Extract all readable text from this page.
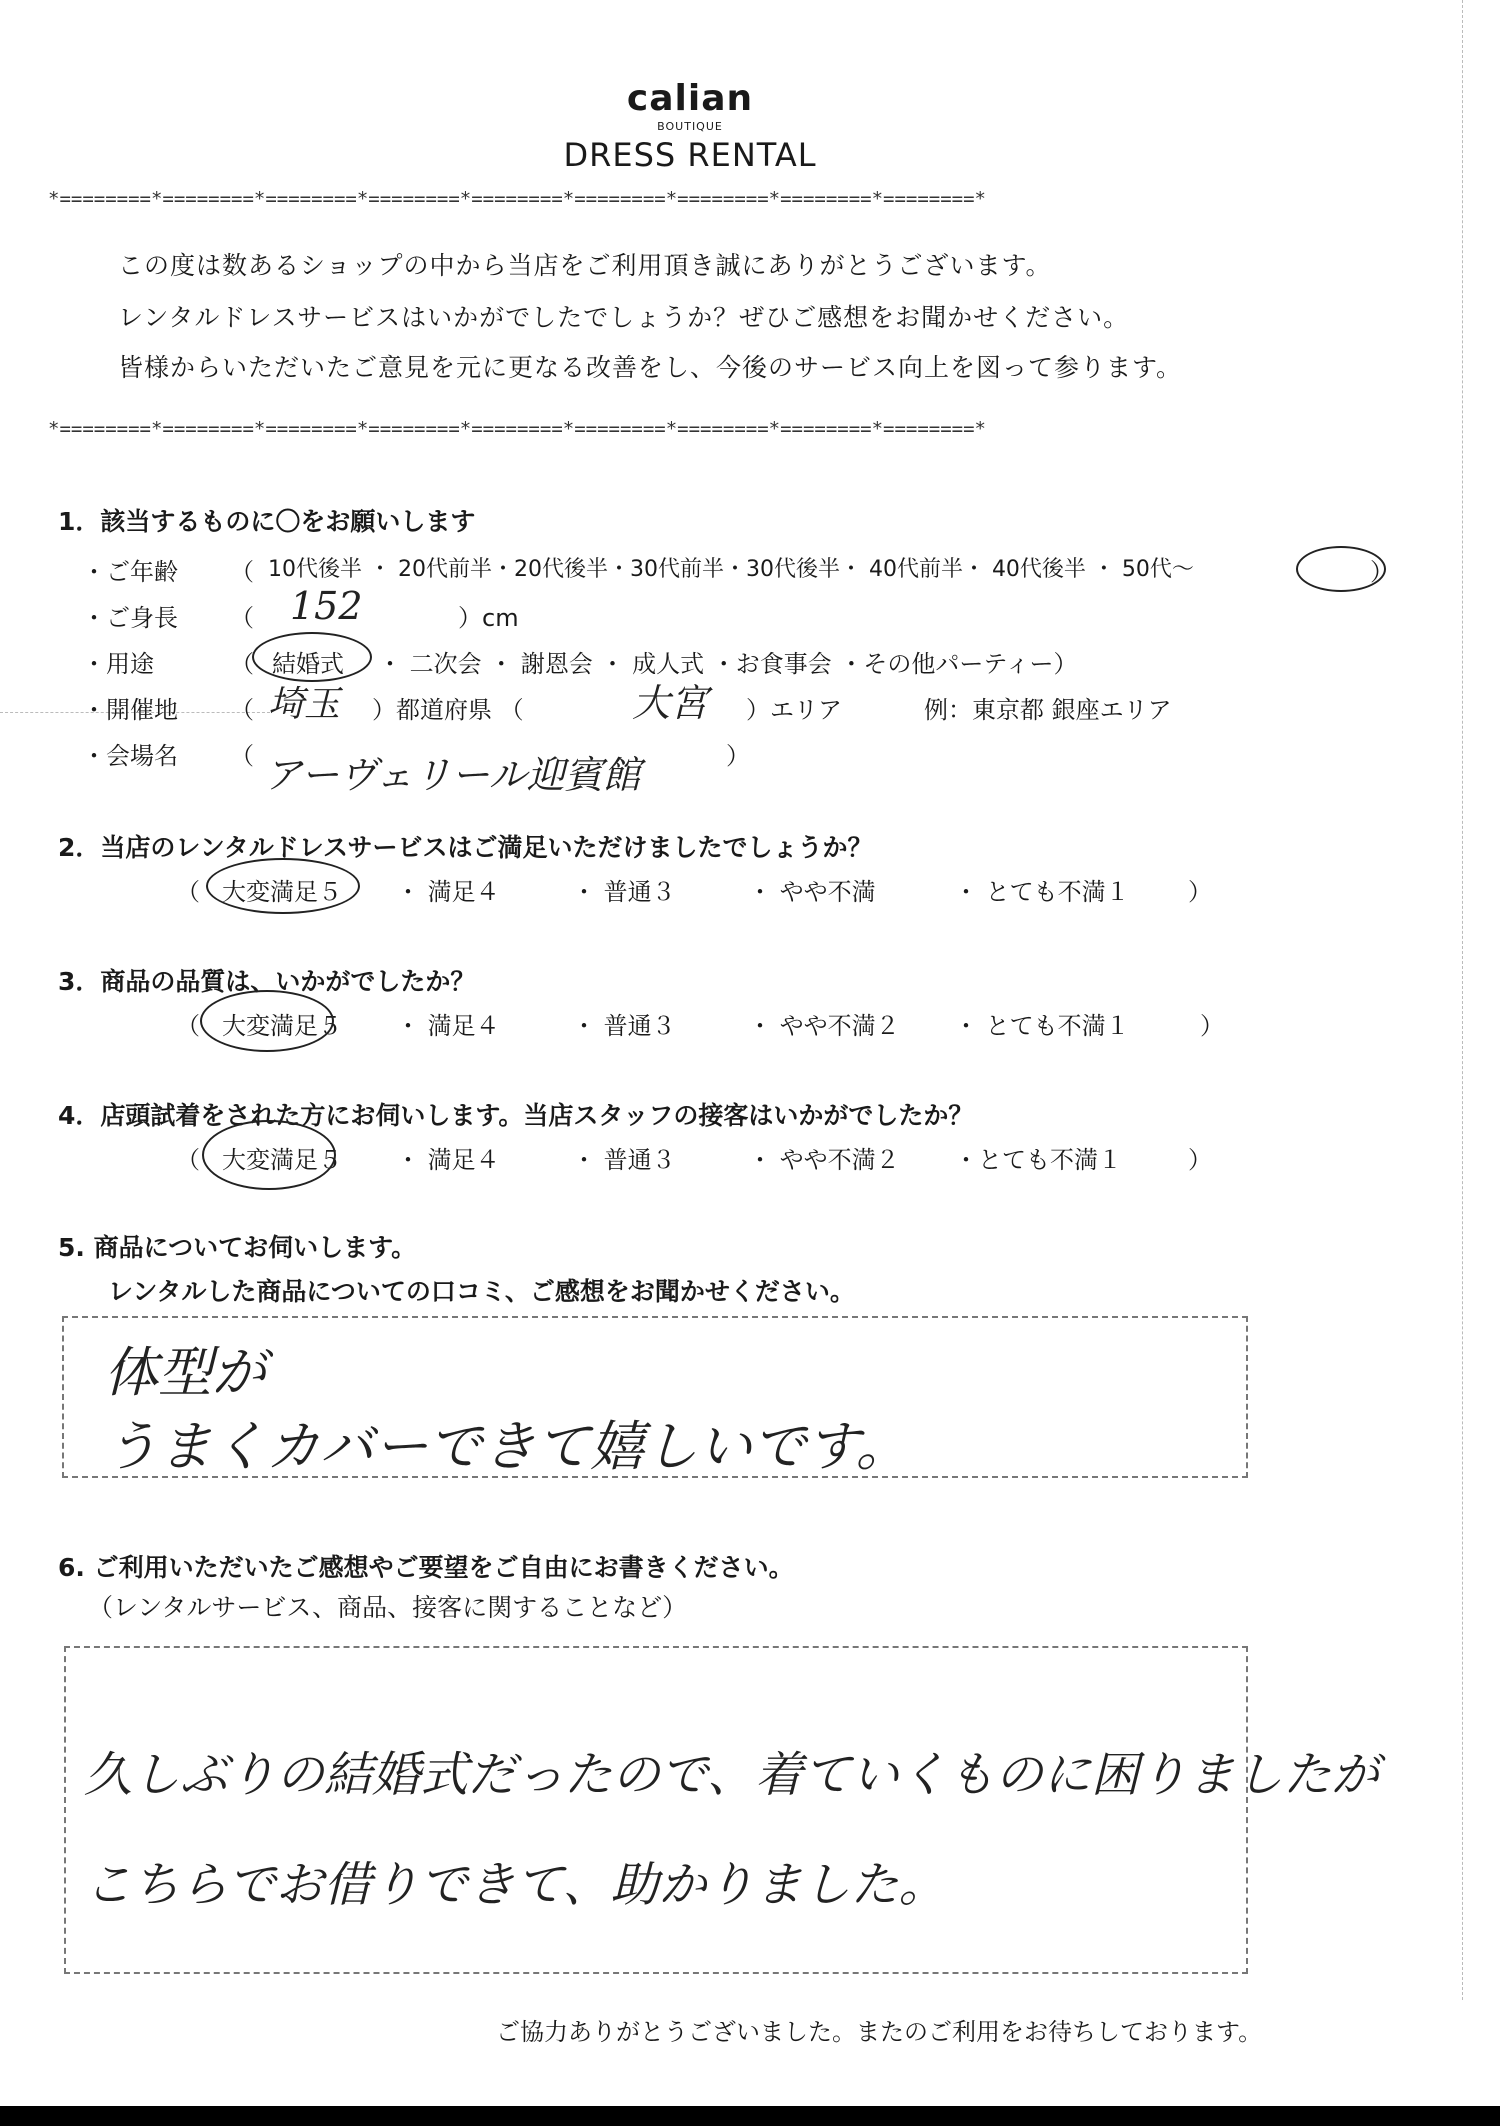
calian
BOUTIQUE
DRESS RENTAL
*========*========*========*========*========*========*========*========*========*
この度は数あるショップの中から当店をご利用頂き誠にありがとうございます。
レンタルドレスサービスはいかがでしたでしょうか？ぜひご感想をお聞かせください。
皆様からいただいたご意見を元に更なる改善をし、今後のサービス向上を図って参ります。
*========*========*========*========*========*========*========*========*========*
1．該当するものに〇をお願いします
・ご年齢 （ 10代後半 ・ 20代前半・20代後半・30代前半・30代後半・ 40代前半・ 40代後半 ・ 50代～	）
・ご身長 （ 152	）cm
・用途	（ 結婚式 ・ 二次会 ・ 謝恩会 ・ 成人式 ・お食事会 ・その他パーティー）
・開催地 （ 埼玉 ）都道府県 （	大宮 ）エリア	例：東京都 銀座エリア
・会場名 （ アーヴェリール迎賓館	）
2．当店のレンタルドレスサービスはご満足いただけましたでしょうか？
（ 大変満足５ ・ 満足４	・ 普通３	・ やや不満	・ とても不満１ ）
3．商品の品質は、いかがでしたか？
（ 大変満足５ ・ 満足４	・ 普通３	・ やや不満２ ・ とても不満１	）
4．店頭試着をされた方にお伺いします。当店スタッフの接客はいかがでしたか？
（ 大変満足５ ・ 満足４	・ 普通３	・ やや不満２ ・とても不満１	）
5. 商品についてお伺いします。
レンタルした商品についての口コミ、ご感想をお聞かせください。
体型が
うまくカバーできて嬉しいです。
6. ご利用いただいたご感想やご要望をご自由にお書きください。
（レンタルサービス、商品、接客に関することなど）
久しぶりの結婚式だったので、着ていくものに困りましたが
こちらでお借りできて、助かりました。
ご協力ありがとうございました。またのご利用をお待ちしております。
